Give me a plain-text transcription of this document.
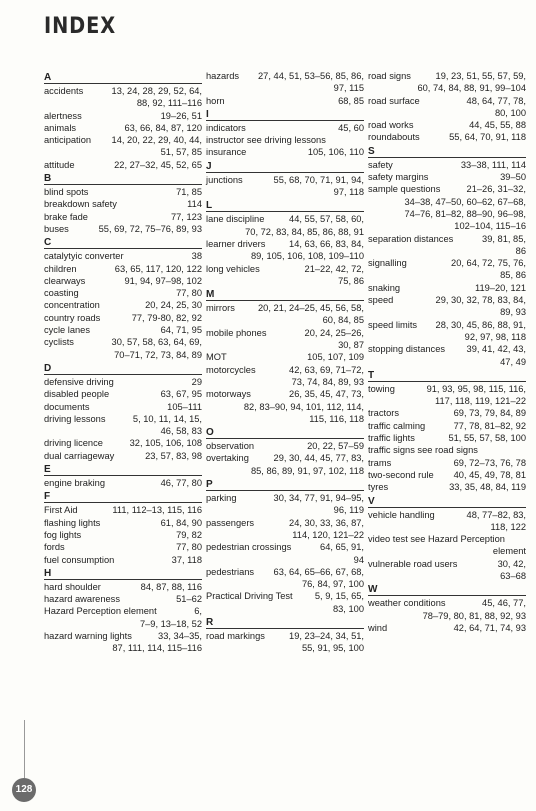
INDEX
A
accidents	13, 24, 28, 29, 52, 64,
88, 92, 111–116
alertness	19–26, 51
animals	63, 66, 84, 87, 120
anticipation	14, 20, 22, 29, 40, 44,
51, 57, 85
attitude	22, 27–32, 45, 52, 65
B
blind spots	71, 85
breakdown safety	114
brake fade	77, 123
buses	55, 69, 72, 75–76, 89, 93
C
catalytyic converter	38
children	63, 65, 117, 120, 122
clearways	91, 94, 97–98, 102
coasting	77, 80
concentration	20, 24, 25, 30
country roads	77, 79-80, 82, 92
cycle lanes	64, 71, 95
cyclists	30, 57, 58, 63, 64, 69,
70–71, 72, 73, 84, 89
D
defensive driving	29
disabled people	63, 67, 95
documents	105–111
driving lessons	5, 10, 11, 14, 15,
46, 58, 83
driving licence	32, 105, 106, 108
dual carriageway	23, 57, 83, 98
E
engine braking	46, 77, 80
F
First Aid	111, 112–13, 115, 116
flashing lights	61, 84, 90
fog lights	79, 82
fords	77, 80
fuel consumption	37, 118
H
hard shoulder	84, 87, 88, 116
hazard awareness	51–62
Hazard Perception element	6,
7–9, 13–18, 52
hazard warning lights	33, 34–35,
87, 111, 114, 115–116
hazards	27, 44, 51, 53–56, 85, 86,
97, 115
horn	68, 85
I
indicators	45, 60
instructor see driving lessons
insurance	105, 106, 110
J
junctions	55, 68, 70, 71, 91, 94,
97, 118
L
lane discipline	44, 55, 57, 58, 60,
70, 72, 83, 84, 85, 86, 88, 91
learner drivers	14, 63, 66, 83, 84,
89, 105, 106, 108, 109–110
long vehicles	21–22, 42, 72,
75, 86
M
mirrors	20, 21, 24–25, 45, 56, 58,
60, 84, 85
mobile phones	20, 24, 25–26,
30, 87
MOT	105, 107, 109
motorcycles	42, 63, 69, 71–72,
73, 74, 84, 89, 93
motorways	26, 35, 45, 47, 73,
82, 83–90, 94, 101, 112, 114,
115, 116, 118
O
observation	20, 22, 57–59
overtaking	29, 30, 44, 45, 77, 83,
85, 86, 89, 91, 97, 102, 118
P
parking	30, 34, 77, 91, 94–95,
96, 119
passengers	24, 30, 33, 36, 87,
114, 120, 121–22
pedestrian crossings	64, 65, 91,
94
pedestrians	63, 64, 65–66, 67, 68,
76, 84, 97, 100
Practical Driving Test	5, 9, 15, 65,
83, 100
R
road markings	19, 23–24, 34, 51,
55, 91, 95, 100
road signs	19, 23, 51, 55, 57, 59,
60, 74, 84, 88, 91, 99–104
road surface	48, 64, 77, 78,
80, 100
road works	44, 45, 55, 88
roundabouts	55, 64, 70, 91, 118
S
safety	33–38, 111, 114
safety margins	39–50
sample questions	21–26, 31–32,
34–38, 47–50, 60–62, 67–68,
74–76, 81–82, 88–90, 96–98,
102–104, 115–16
separation distances	39, 81, 85,
86
signalling	20, 64, 72, 75, 76,
85, 86
snaking	119–20, 121
speed	29, 30, 32, 78, 83, 84,
89, 93
speed limits	28, 30, 45, 86, 88, 91,
92, 97, 98, 118
stopping distances	39, 41, 42, 43,
47, 49
T
towing	91, 93, 95, 98, 115, 116,
117, 118, 119, 121–22
tractors	69, 73, 79, 84, 89
traffic calming	77, 78, 81–82, 92
traffic lights	51, 55, 57, 58, 100
traffic signs see road signs
trams	69, 72–73, 76, 78
two-second rule	40, 45, 49, 78, 81
tyres	33, 35, 48, 84, 119
V
vehicle handling	48, 77–82, 83,
118, 122
video test see Hazard Perception
element
vulnerable road users	30, 42,
63–68
W
weather conditions	45, 46, 77,
78–79, 80, 81, 88, 92, 93
wind	42, 64, 71, 74, 93
128
